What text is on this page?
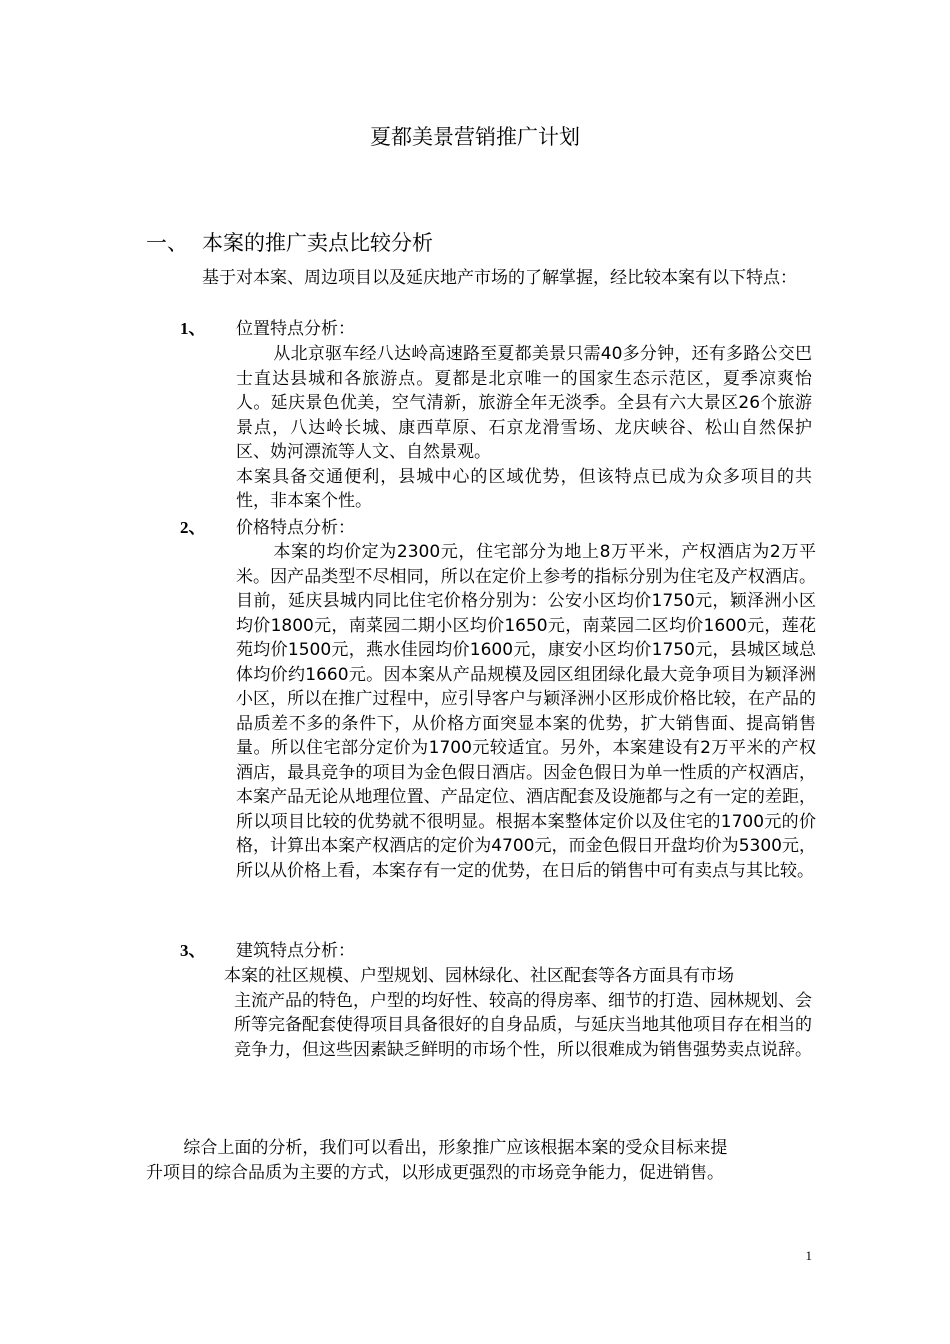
夏都美景营销推广计划
一、 本案的推广卖点比较分析

基于对本案、周边项目以及延庆地产市场的了解掌握，经比较本案有以下特点：

1、 位置特点分析：

从北京驱车经八达岭高速路至夏都美景只需40多分钟，还有多路公交巴士直达县城和各旅游点。夏都是北京唯一的国家生态示范区，夏季凉爽怡人。延庆景色优美，空气清新，旅游全年无淡季。全县有六大景区26个旅游景点，八达岭长城、康西草原、石京龙滑雪场、龙庆峡谷、松山自然保护区、妫河漂流等人文、自然景观。

本案具备交通便利，县城中心的区域优势，但该特点已成为众多项目的共性，非本案个性。

2、 价格特点分析：

本案的均价定为2300元，住宅部分为地上8万平米，产权酒店为2万平米。因产品类型不尽相同，所以在定价上参考的指标分别为住宅及产权酒店。目前，延庆县城内同比住宅价格分别为：公安小区均价1750元，颖泽洲小区均价1800元，南菜园二期小区均价1650元，南菜园二区均价1600元，莲花苑均价1500元，燕水佳园均价1600元，康安小区均价1750元，县城区域总体均价约1660元。因本案从产品规模及园区组团绿化最大竞争项目为颖泽洲小区，所以在推广过程中，应引导客户与颖泽洲小区形成价格比较，在产品的品质差不多的条件下，从价格方面突显本案的优势，扩大销售面、提高销售量。所以住宅部分定价为1700元较适宜。另外，本案建设有2万平米的产权酒店，最具竞争的项目为金色假日酒店。因金色假日为单一性质的产权酒店，本案产品无论从地理位置、产品定位、酒店配套及设施都与之有一定的差距，所以项目比较的优势就不很明显。根据本案整体定价以及住宅的1700元的价格，计算出本案产权酒店的定价为4700元，而金色假日开盘均价为5300元，所以从价格上看，本案存有一定的优势，在日后的销售中可有卖点与其比较。

3、 建筑特点分析：

本案的社区规模、户型规划、园林绿化、社区配套等各方面具有市场

主流产品的特色，户型的均好性、较高的得房率、细节的打造、园林规划、会所等完备配套使得项目具备很好的自身品质，与延庆当地其他项目存在相当的竞争力，但这些因素缺乏鲜明的市场个性，所以很难成为销售强势卖点说辞。

综合上面的分析，我们可以看出，形象推广应该根据本案的受众目标来提

升项目的综合品质为主要的方式，以形成更强烈的市场竞争能力，促进销售。

1
